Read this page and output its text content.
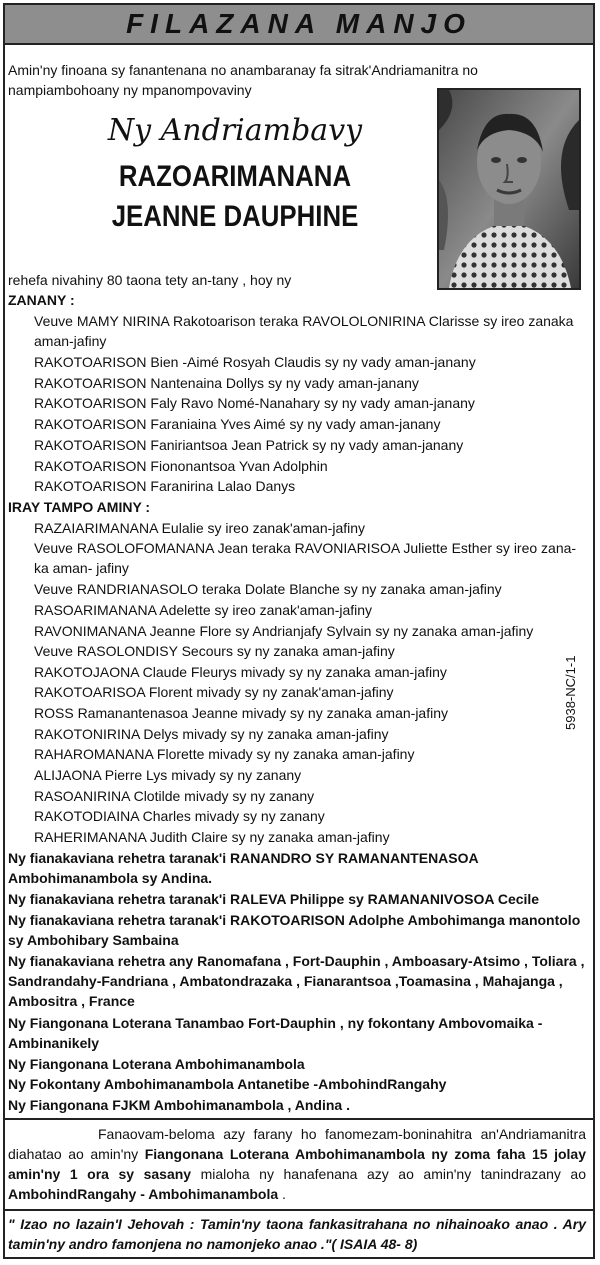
FILAZANA MANJO
Amin'ny finoana sy fanantenana no anambaranay fa sitrak'Andriamanitra no nampiambohoany ny mpanompovaviny
Ny Andriambavy
RAZOARIMANANA
JEANNE DAUPHINE
rehefa nivahiny 80 taona tety an-tany , hoy ny
ZANANY :
Veuve MAMY NIRINA Rakotoarison teraka RAVOLOLONIRINA Clarisse sy ireo zanaka
aman-jafiny
RAKOTOARISON Bien -Aimé Rosyah Claudis sy ny vady aman-janany
RAKOTOARISON Nantenaina Dollys sy ny vady aman-janany
RAKOTOARISON Faly Ravo Nomé-Nanahary sy ny vady aman-janany
RAKOTOARISON Faraniaina Yves Aimé sy ny vady aman-janany
RAKOTOARISON Faniriantsoa Jean Patrick sy ny vady aman-janany
RAKOTOARISON Fiononantsoa Yvan Adolphin
RAKOTOARISON Faranirina Lalao Danys
IRAY TAMPO AMINY :
RAZAIARIMANANA Eulalie sy ireo zanak'aman-jafiny
Veuve RASOLOFOMANANA Jean teraka RAVONIARISOA Juliette Esther sy ireo zana-
ka aman- jafiny
Veuve RANDRIANASOLO teraka Dolate Blanche sy ny zanaka aman-jafiny
RASOARIMANANA Adelette sy ireo zanak'aman-jafiny
RAVONIMANANA Jeanne Flore sy Andrianjafy Sylvain sy ny zanaka aman-jafiny
Veuve RASOLONDISY Secours sy ny zanaka aman-jafiny
RAKOTOJAONA Claude Fleurys mivady sy ny zanaka aman-jafiny
RAKOTOARISOA Florent mivady sy ny zanak'aman-jafiny
ROSS Ramanantenasoa Jeanne mivady sy ny zanaka aman-jafiny
RAKOTONIRINA Delys mivady sy ny zanaka aman-jafiny
RAHAROMANANA Florette mivady sy ny zanaka aman-jafiny
ALIJAONA Pierre Lys mivady sy ny zanany
RASOANIRINA Clotilde mivady sy ny zanany
RAKOTODIAINA Charles mivady sy ny zanany
RAHERIMANANA Judith Claire sy ny zanaka aman-jafiny
5938-NC/1-1
Ny fianakaviana rehetra taranak'i RANANDRO SY RAMANANTENASOA Ambohimanambola sy Andina.
Ny fianakaviana rehetra taranak'i RALEVA Philippe sy RAMANANIVOSOA Cecile
Ny fianakaviana rehetra taranak'i RAKOTOARISON Adolphe Ambohimanga manontolo sy Ambohibary Sambaina
Ny fianakaviana rehetra any Ranomafana , Fort-Dauphin , Amboasary-Atsimo , Toliara , Sandrandahy-Fandriana , Ambatondrazaka , Fianarantsoa ,Toamasina , Mahajanga , Ambositra , France
Ny Fiangonana Loterana Tanambao Fort-Dauphin , ny fokontany Ambovomaika - Ambinanikely
Ny Fiangonana Loterana Ambohimanambola
Ny Fokontany Ambohimanambola Antanetibe -AmbohindRangahy
Ny Fiangonana FJKM Ambohimanambola , Andina .
Fanaovam-beloma azy farany ho fanomezam-boninahitra an'Andriamanitra diahatao ao amin'ny Fiangonana Loterana Ambohimanambola ny zoma faha 15 jolay amin'ny 1 ora sy sasany mialoha ny hanafenana azy ao amin'ny tanindrazany ao AmbohindRangahy - Ambohimanambola .
" Izao no lazain'I Jehovah : Tamin'ny taona fankasitrahana no nihainoako anao . Ary tamin'ny andro famonjena no namonjeko anao ."( ISAIA 48- 8)
